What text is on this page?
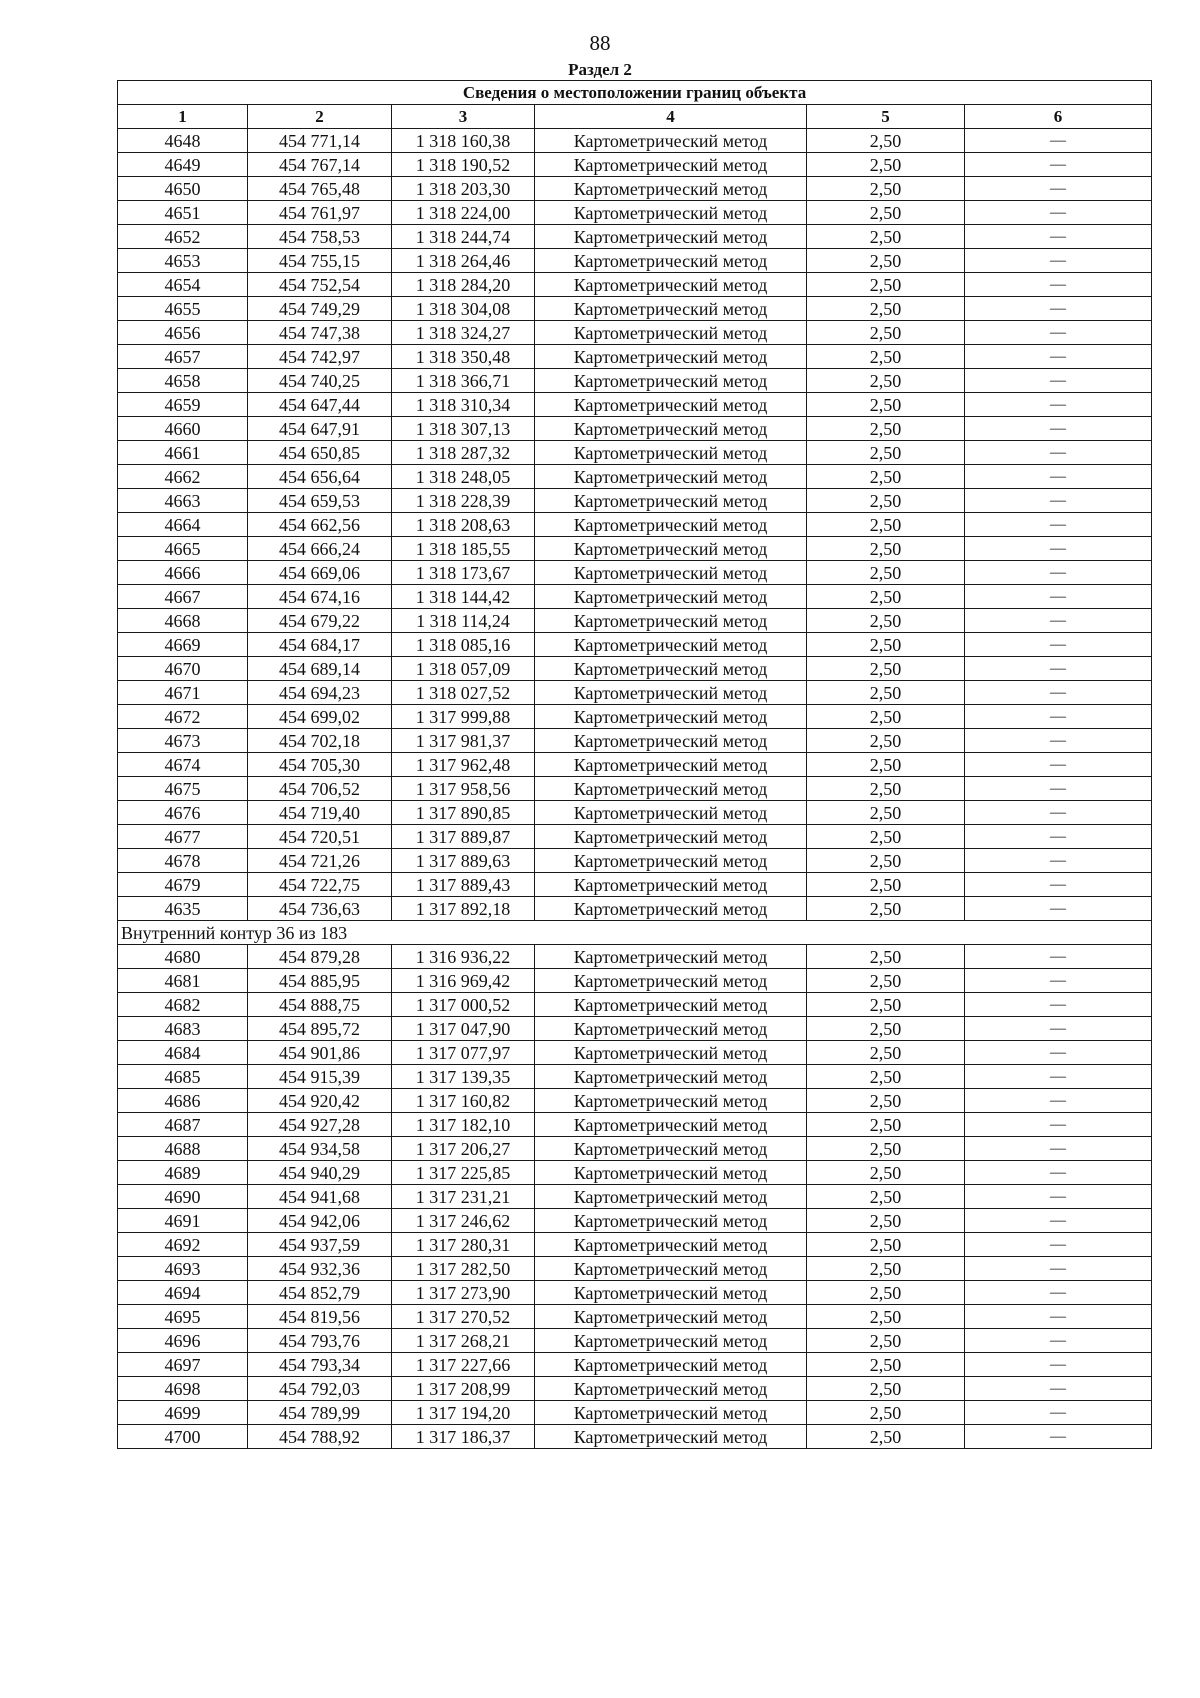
88
Раздел 2
Сведения о местоположении границ объекта					
1	2	3	4	5	6
4648	454 771,14	1 318 160,38	Картометрический метод	2,50	—
4649	454 767,14	1 318 190,52	Картометрический метод	2,50	—
4650	454 765,48	1 318 203,30	Картометрический метод	2,50	—
4651	454 761,97	1 318 224,00	Картометрический метод	2,50	—
4652	454 758,53	1 318 244,74	Картометрический метод	2,50	—
4653	454 755,15	1 318 264,46	Картометрический метод	2,50	—
4654	454 752,54	1 318 284,20	Картометрический метод	2,50	—
4655	454 749,29	1 318 304,08	Картометрический метод	2,50	—
4656	454 747,38	1 318 324,27	Картометрический метод	2,50	—
4657	454 742,97	1 318 350,48	Картометрический метод	2,50	—
4658	454 740,25	1 318 366,71	Картометрический метод	2,50	—
4659	454 647,44	1 318 310,34	Картометрический метод	2,50	—
4660	454 647,91	1 318 307,13	Картометрический метод	2,50	—
4661	454 650,85	1 318 287,32	Картометрический метод	2,50	—
4662	454 656,64	1 318 248,05	Картометрический метод	2,50	—
4663	454 659,53	1 318 228,39	Картометрический метод	2,50	—
4664	454 662,56	1 318 208,63	Картометрический метод	2,50	—
4665	454 666,24	1 318 185,55	Картометрический метод	2,50	—
4666	454 669,06	1 318 173,67	Картометрический метод	2,50	—
4667	454 674,16	1 318 144,42	Картометрический метод	2,50	—
4668	454 679,22	1 318 114,24	Картометрический метод	2,50	—
4669	454 684,17	1 318 085,16	Картометрический метод	2,50	—
4670	454 689,14	1 318 057,09	Картометрический метод	2,50	—
4671	454 694,23	1 318 027,52	Картометрический метод	2,50	—
4672	454 699,02	1 317 999,88	Картометрический метод	2,50	—
4673	454 702,18	1 317 981,37	Картометрический метод	2,50	—
4674	454 705,30	1 317 962,48	Картометрический метод	2,50	—
4675	454 706,52	1 317 958,56	Картометрический метод	2,50	—
4676	454 719,40	1 317 890,85	Картометрический метод	2,50	—
4677	454 720,51	1 317 889,87	Картометрический метод	2,50	—
4678	454 721,26	1 317 889,63	Картометрический метод	2,50	—
4679	454 722,75	1 317 889,43	Картометрический метод	2,50	—
4635	454 736,63	1 317 892,18	Картометрический метод	2,50	—
Внутренний контур 36 из 183					
4680	454 879,28	1 316 936,22	Картометрический метод	2,50	—
4681	454 885,95	1 316 969,42	Картометрический метод	2,50	—
4682	454 888,75	1 317 000,52	Картометрический метод	2,50	—
4683	454 895,72	1 317 047,90	Картометрический метод	2,50	—
4684	454 901,86	1 317 077,97	Картометрический метод	2,50	—
4685	454 915,39	1 317 139,35	Картометрический метод	2,50	—
4686	454 920,42	1 317 160,82	Картометрический метод	2,50	—
4687	454 927,28	1 317 182,10	Картометрический метод	2,50	—
4688	454 934,58	1 317 206,27	Картометрический метод	2,50	—
4689	454 940,29	1 317 225,85	Картометрический метод	2,50	—
4690	454 941,68	1 317 231,21	Картометрический метод	2,50	—
4691	454 942,06	1 317 246,62	Картометрический метод	2,50	—
4692	454 937,59	1 317 280,31	Картометрический метод	2,50	—
4693	454 932,36	1 317 282,50	Картометрический метод	2,50	—
4694	454 852,79	1 317 273,90	Картометрический метод	2,50	—
4695	454 819,56	1 317 270,52	Картометрический метод	2,50	—
4696	454 793,76	1 317 268,21	Картометрический метод	2,50	—
4697	454 793,34	1 317 227,66	Картометрический метод	2,50	—
4698	454 792,03	1 317 208,99	Картометрический метод	2,50	—
4699	454 789,99	1 317 194,20	Картометрический метод	2,50	—
4700	454 788,92	1 317 186,37	Картометрический метод	2,50	—
